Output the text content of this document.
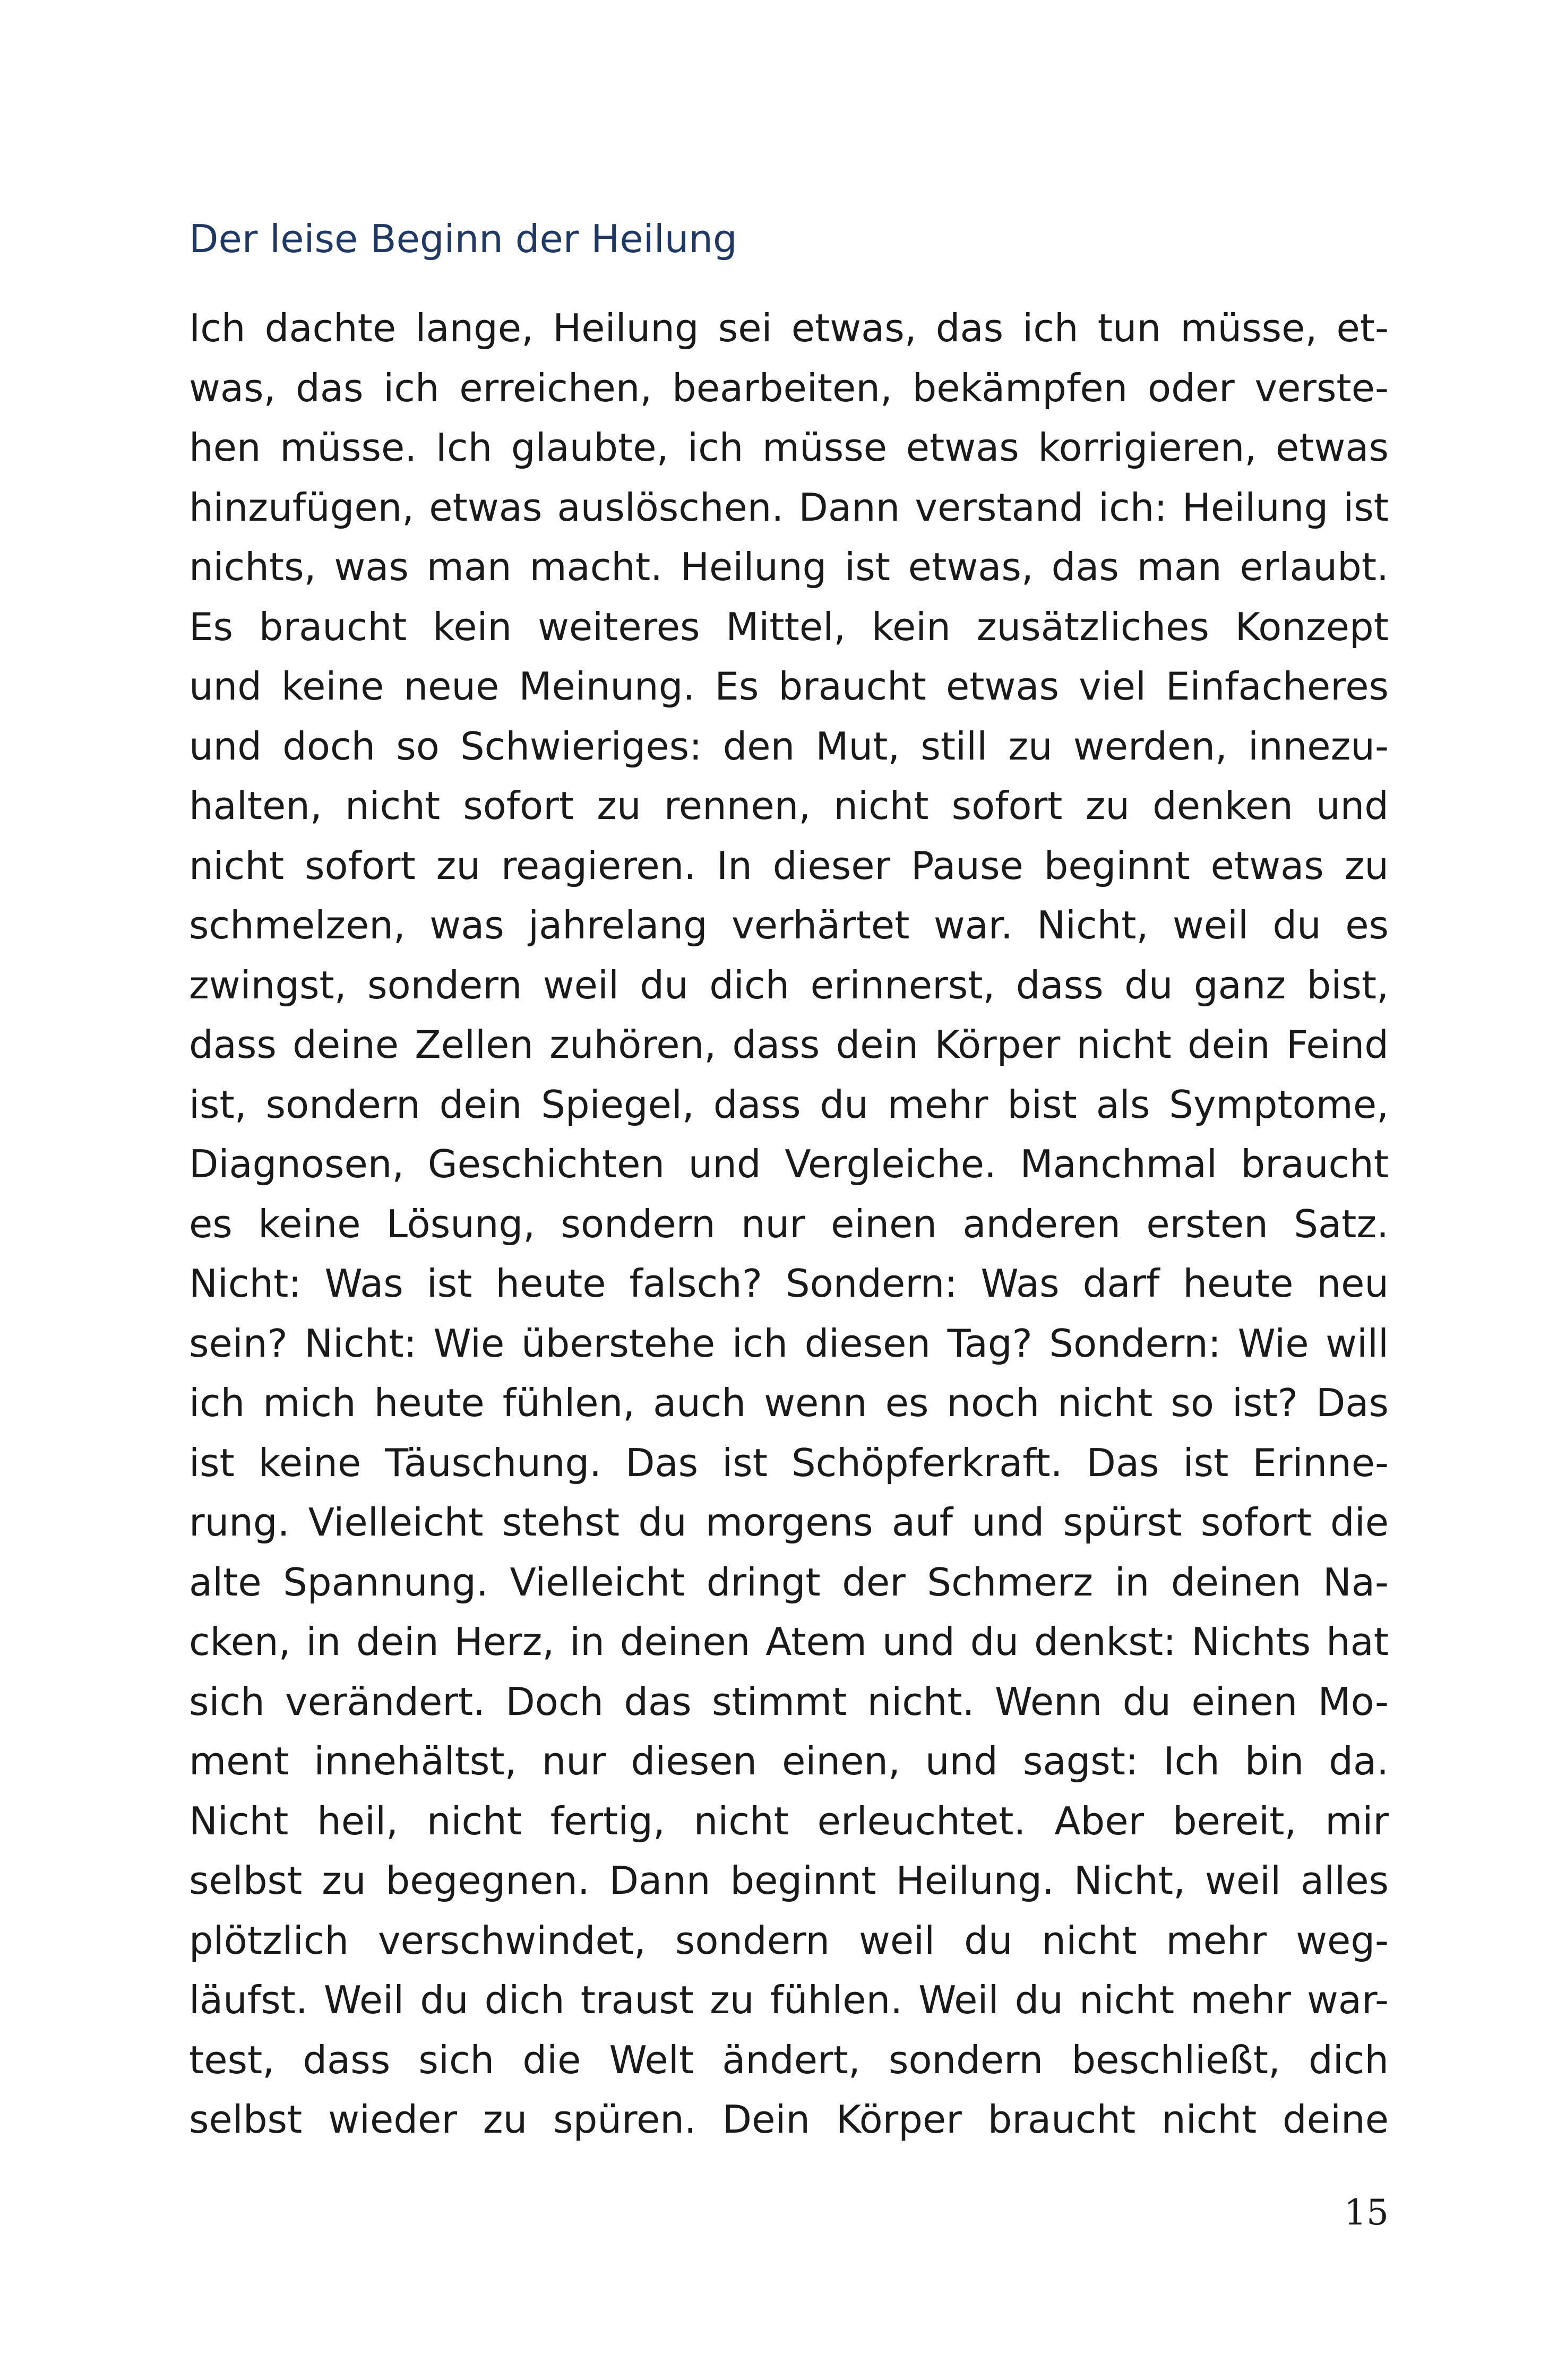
Der leise Beginn der Heilung
Ich dachte lange, Heilung sei etwas, das ich tun müsse, et-
was, das ich erreichen, bearbeiten, bekämpfen oder verste-
hen müsse. Ich glaubte, ich müsse etwas korrigieren, etwas
hinzufügen, etwas auslöschen. Dann verstand ich: Heilung ist
nichts, was man macht. Heilung ist etwas, das man erlaubt.
Es braucht kein weiteres Mittel, kein zusätzliches Konzept
und keine neue Meinung. Es braucht etwas viel Einfacheres
und doch so Schwieriges: den Mut, still zu werden, innezu-
halten, nicht sofort zu rennen, nicht sofort zu denken und
nicht sofort zu reagieren. In dieser Pause beginnt etwas zu
schmelzen, was jahrelang verhärtet war. Nicht, weil du es
zwingst, sondern weil du dich erinnerst, dass du ganz bist,
dass deine Zellen zuhören, dass dein Körper nicht dein Feind
ist, sondern dein Spiegel, dass du mehr bist als Symptome,
Diagnosen, Geschichten und Vergleiche. Manchmal braucht
es keine Lösung, sondern nur einen anderen ersten Satz.
Nicht: Was ist heute falsch? Sondern: Was darf heute neu
sein? Nicht: Wie überstehe ich diesen Tag? Sondern: Wie will
ich mich heute fühlen, auch wenn es noch nicht so ist? Das
ist keine Täuschung. Das ist Schöpferkraft. Das ist Erinne-
rung. Vielleicht stehst du morgens auf und spürst sofort die
alte Spannung. Vielleicht dringt der Schmerz in deinen Na-
cken, in dein Herz, in deinen Atem und du denkst: Nichts hat
sich verändert. Doch das stimmt nicht. Wenn du einen Mo-
ment innehältst, nur diesen einen, und sagst: Ich bin da.
Nicht heil, nicht fertig, nicht erleuchtet. Aber bereit, mir
selbst zu begegnen. Dann beginnt Heilung. Nicht, weil alles
plötzlich verschwindet, sondern weil du nicht mehr weg-
läufst. Weil du dich traust zu fühlen. Weil du nicht mehr war-
test, dass sich die Welt ändert, sondern beschließt, dich
selbst wieder zu spüren. Dein Körper braucht nicht deine
15
